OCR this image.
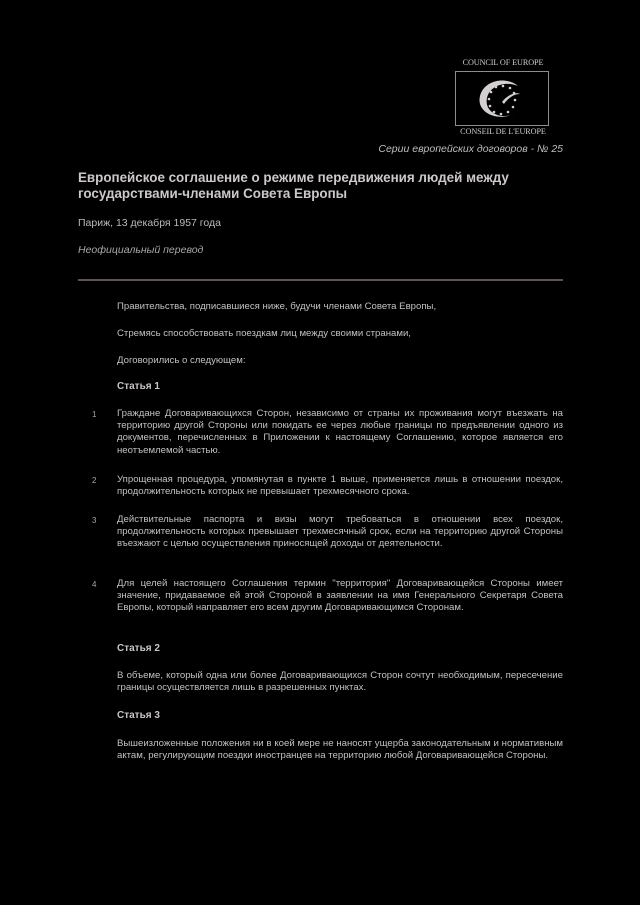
COUNCIL OF EUROPE
CONSEIL DE L'EUROPE
Серии европейских договоров - № 25
Европейское соглашение о режиме передвижения людей между государствами-членами Совета Европы
Париж, 13 декабря 1957 года
Неофициальный перевод

Правительства, подписавшиеся ниже, будучи членами Совета Европы,

Стремясь способствовать поездкам лиц между своими странами,

Договорились о следующем:

Статья 1
1 Граждане Договаривающихся Сторон, независимо от страны их проживания могут въезжать на территорию другой Стороны или покидать ее через любые границы по предъявлении одного из документов, перечисленных в Приложении к настоящему Соглашению, которое является его неотъемлемой частью.

2 Упрощенная процедура, упомянутая в пункте 1 выше, применяется лишь в отношении поездок, продолжительность которых не превышает трехмесячного срока.

3 Действительные паспорта и визы могут требоваться в отношении всех поездок, продолжительность которых превышает трехмесячный срок, если на территорию другой Стороны въезжают с целью осуществления приносящей доходы от деятельности.

4 Для целей настоящего Соглашения термин "территория" Договаривающейся Стороны имеет значение, придаваемое ей этой Стороной в заявлении на имя Генерального Секретаря Совета Европы, который направляет его всем другим Договаривающимся Сторонам.

Статья 2

В объеме, который одна или более Договаривающихся Сторон сочтут необходимым, пересечение границы осуществляется лишь в разрешенных пунктах.

Статья 3

Вышеизложенные положения ни в коей мере не наносят ущерба законодательным и нормативным актам, регулирующим поездки иностранцев на территорию любой Договаривающейся Стороны.
